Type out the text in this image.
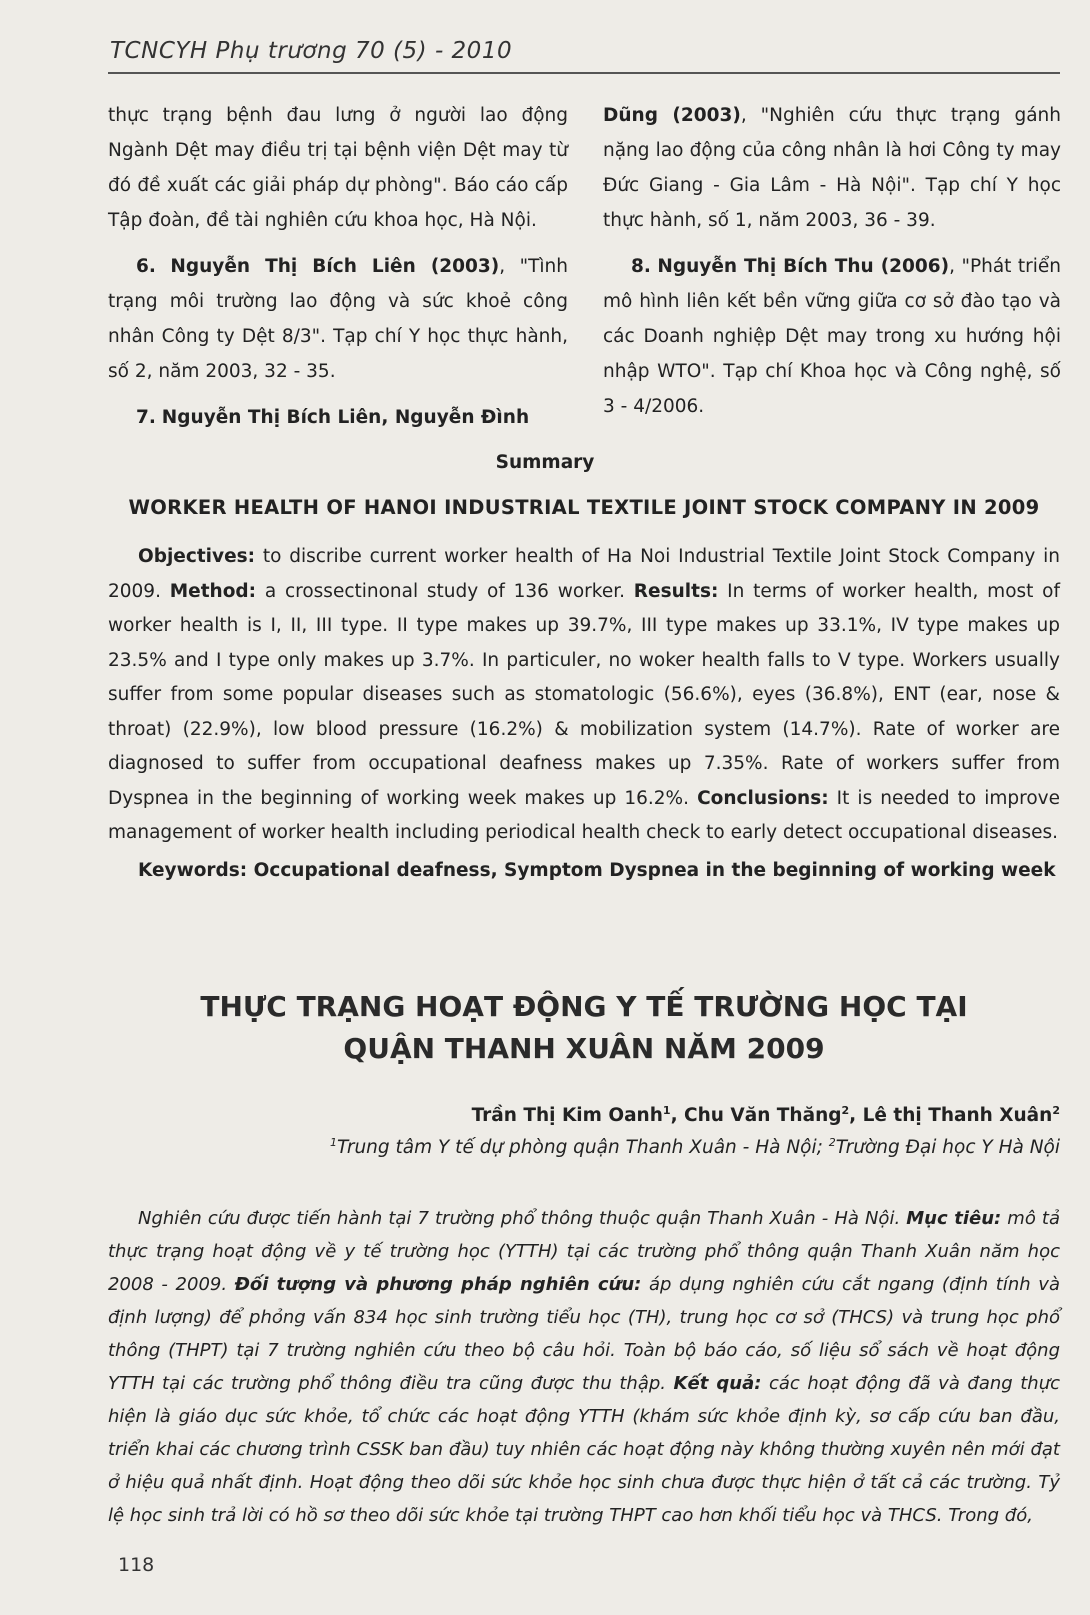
TCNCYH Phụ trương 70 (5) - 2010

thực trạng bệnh đau lưng ở người lao động Ngành Dệt may điều trị tại bệnh viện Dệt may từ đó đề xuất các giải pháp dự phòng". Báo cáo cấp Tập đoàn, đề tài nghiên cứu khoa học, Hà Nội.

6. Nguyễn Thị Bích Liên (2003), "Tình trạng môi trường lao động và sức khoẻ công nhân Công ty Dệt 8/3". Tạp chí Y học thực hành, số 2, năm 2003, 32 - 35.

7. Nguyễn Thị Bích Liên, Nguyễn Đình

Dũng (2003), "Nghiên cứu thực trạng gánh nặng lao động của công nhân là hơi Công ty may Đức Giang - Gia Lâm - Hà Nội". Tạp chí Y học thực hành, số 1, năm 2003, 36 - 39.

8. Nguyễn Thị Bích Thu (2006), "Phát triển mô hình liên kết bền vững giữa cơ sở đào tạo và các Doanh nghiệp Dệt may trong xu hướng hội nhập WTO". Tạp chí Khoa học và Công nghệ, số 3 - 4/2006.

Summary
WORKER HEALTH OF HANOI INDUSTRIAL TEXTILE JOINT STOCK COMPANY IN 2009

Objectives: to discribe current worker health of Ha Noi Industrial Textile Joint Stock Company in 2009. Method: a crossectinonal study of 136 worker. Results: In terms of worker health, most of worker health is I, II, III type. II type makes up 39.7%, III type makes up 33.1%, IV type makes up 23.5% and I type only makes up 3.7%. In particuler, no woker health falls to V type. Workers usually suffer from some popular diseases such as stomatologic (56.6%), eyes (36.8%), ENT (ear, nose & throat) (22.9%), low blood pressure (16.2%) & mobilization system (14.7%). Rate of worker are diagnosed to suffer from occupational deafness makes up 7.35%. Rate of workers suffer from Dyspnea in the beginning of working week makes up 16.2%. Conclusions: It is needed to improve management of worker health including periodical health check to early detect occupational diseases.

Keywords: Occupational deafness, Symptom Dyspnea in the beginning of working week
THỰC TRẠNG HOẠT ĐỘNG Y TẾ TRƯỜNG HỌC TẠI
QUẬN THANH XUÂN NĂM 2009
Trần Thị Kim Oanh$^1$, Chu Văn Thăng$^2$, Lê thị Thanh Xuân$^2$
$^1$Trung tâm Y tế dự phòng quận Thanh Xuân - Hà Nội; $^2$Trường Đại học Y Hà Nội

Nghiên cứu được tiến hành tại 7 trường phổ thông thuộc quận Thanh Xuân - Hà Nội. Mục tiêu: mô tả thực trạng hoạt động về y tế trường học (YTTH) tại các trường phổ thông quận Thanh Xuân năm học 2008 - 2009. Đối tượng và phương pháp nghiên cứu: áp dụng nghiên cứu cắt ngang (định tính và định lượng) để phỏng vấn 834 học sinh trường tiểu học (TH), trung học cơ sở (THCS) và trung học phổ thông (THPT) tại 7 trường nghiên cứu theo bộ câu hỏi. Toàn bộ báo cáo, số liệu sổ sách về hoạt động YTTH tại các trường phổ thông điều tra cũng được thu thập. Kết quả: các hoạt động đã và đang thực hiện là giáo dục sức khỏe, tổ chức các hoạt động YTTH (khám sức khỏe định kỳ, sơ cấp cứu ban đầu, triển khai các chương trình CSSK ban đầu) tuy nhiên các hoạt động này không thường xuyên nên mới đạt ở hiệu quả nhất định. Hoạt động theo dõi sức khỏe học sinh chưa được thực hiện ở tất cả các trường. Tỷ lệ học sinh trả lời có hồ sơ theo dõi sức khỏe tại trường THPT cao hơn khối tiểu học và THCS. Trong đó,

118
